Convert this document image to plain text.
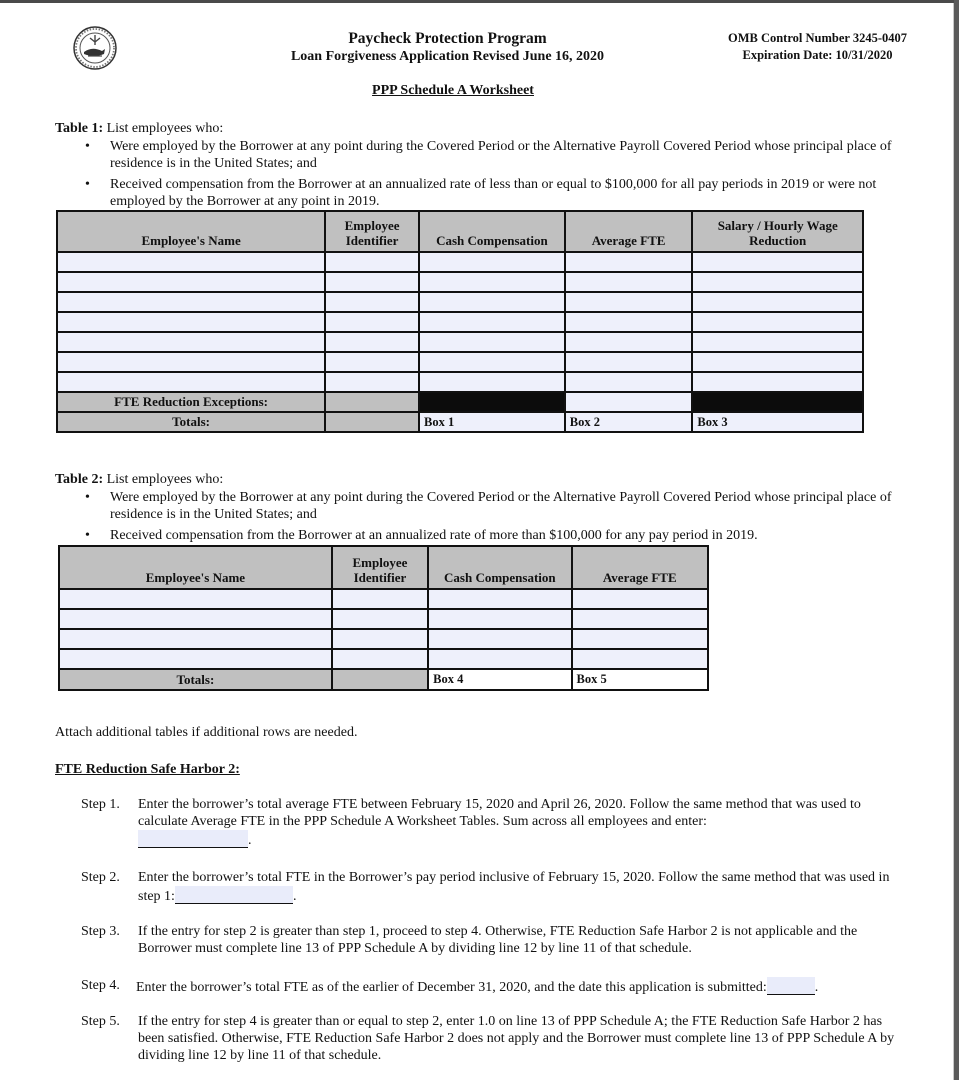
Paycheck Protection Program
Loan Forgiveness Application Revised June 16, 2020
OMB Control Number 3245-0407
Expiration Date: 10/31/2020
PPP Schedule A Worksheet
Table 1: List employees who:
• Were employed by the Borrower at any point during the Covered Period or the Alternative Payroll Covered Period whose principal place of residence is in the United States; and
• Received compensation from the Borrower at an annualized rate of less than or equal to $100,000 for all pay periods in 2019 or were not employed by the Borrower at any point in 2019.
Employee's Name	Employee Identifier	Cash Compensation	Average FTE	Salary / Hourly Wage Reduction

FTE Reduction Exceptions:				
Totals:		Box 1	Box 2	Box 3
Table 2: List employees who:
• Were employed by the Borrower at any point during the Covered Period or the Alternative Payroll Covered Period whose principal place of residence is in the United States; and
• Received compensation from the Borrower at an annualized rate of more than $100,000 for any pay period in 2019.
Employee's Name	Employee Identifier	Cash Compensation	Average FTE

Totals:		Box 4	Box 5
Attach additional tables if additional rows are needed.
FTE Reduction Safe Harbor 2:
Step 1. Enter the borrower’s total average FTE between February 15, 2020 and April 26, 2020. Follow the same method that was used to calculate Average FTE in the PPP Schedule A Worksheet Tables. Sum across all employees and enter:
.
Step 2. Enter the borrower’s total FTE in the Borrower’s pay period inclusive of February 15, 2020. Follow the same method that was used in step 1:	.
Step 3. If the entry for step 2 is greater than step 1, proceed to step 4. Otherwise, FTE Reduction Safe Harbor 2 is not applicable and the Borrower must complete line 13 of PPP Schedule A by dividing line 12 by line 11 of that schedule.
Step 4. Enter the borrower’s total FTE as of the earlier of December 31, 2020, and the date this application is submitted:	.
Step 5. If the entry for step 4 is greater than or equal to step 2, enter 1.0 on line 13 of PPP Schedule A; the FTE Reduction Safe Harbor 2 has been satisfied. Otherwise, FTE Reduction Safe Harbor 2 does not apply and the Borrower must complete line 13 of PPP Schedule A by dividing line 12 by line 11 of that schedule.
